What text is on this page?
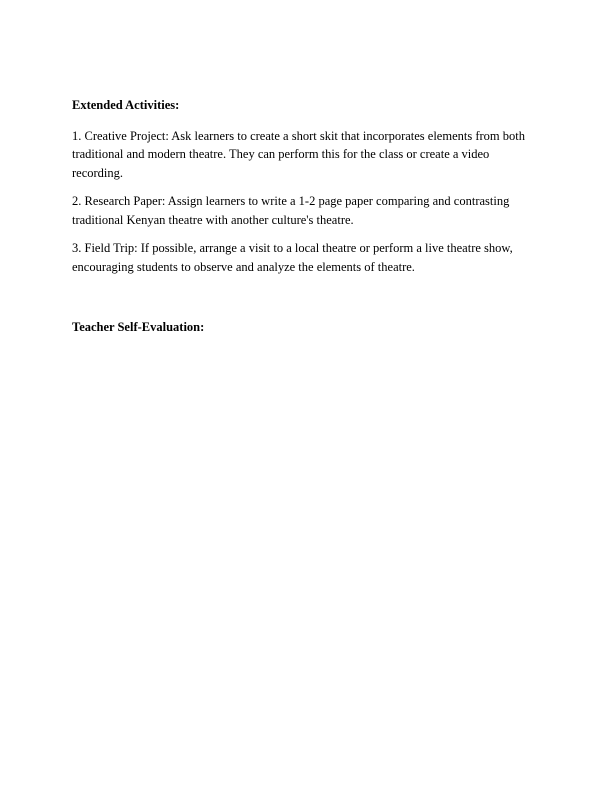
Extended Activities:

1. Creative Project: Ask learners to create a short skit that incorporates elements from both traditional and modern theatre. They can perform this for the class or create a video recording.

2. Research Paper: Assign learners to write a 1-2 page paper comparing and contrasting traditional Kenyan theatre with another culture's theatre.

3. Field Trip: If possible, arrange a visit to a local theatre or perform a live theatre show, encouraging students to observe and analyze the elements of theatre.

Teacher Self-Evaluation:
